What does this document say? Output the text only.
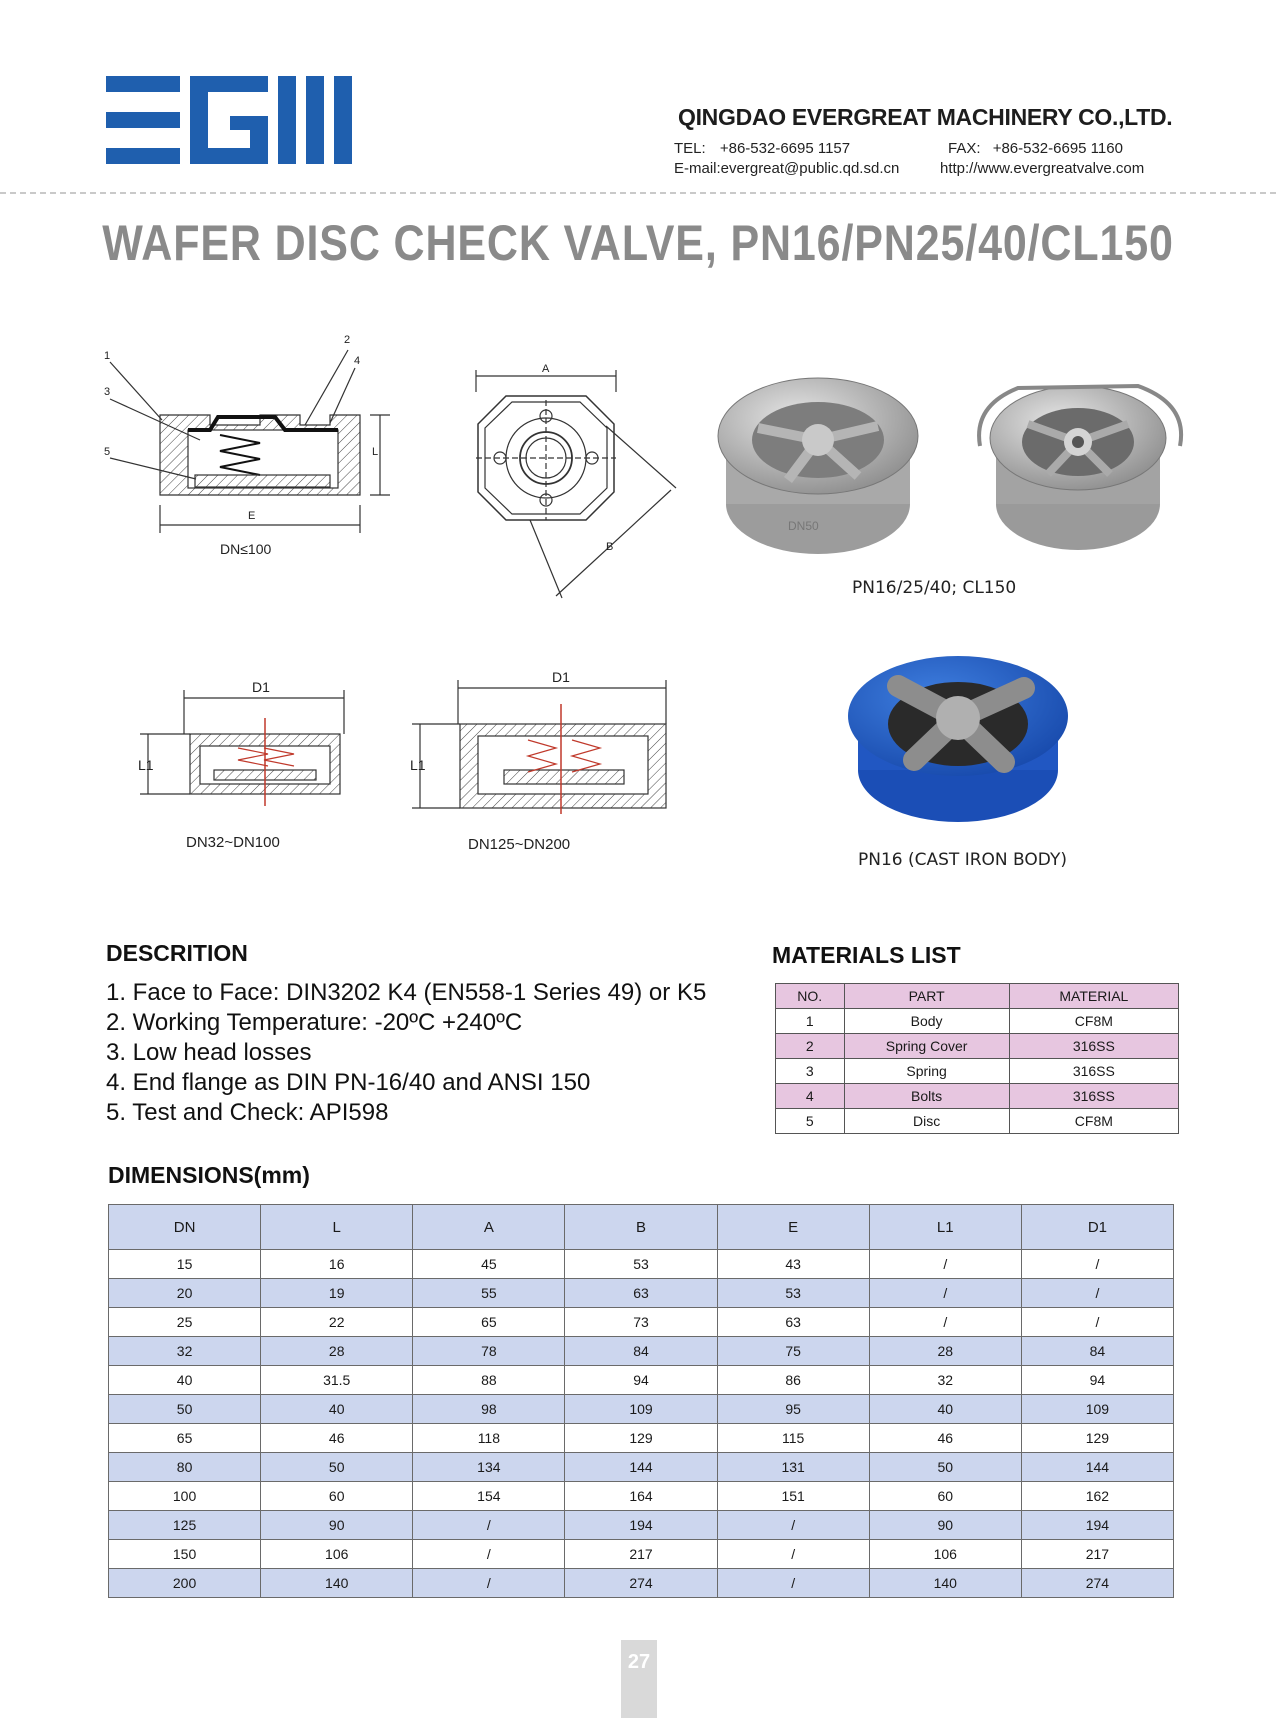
QINGDAO EVERGREAT MACHINERY CO.,LTD.
TEL: +86-532-6695 1157	FAX: +86-532-6695 1160
E-mail:evergreat@public.qd.sd.cn	http://www.evergreatvalve.com
WAFER DISC CHECK VALVE, PN16/PN25/40/CL150
1
2
3
4
5
E
L
DN≤100
A
B
DN50
PN16/25/40; CL150
D1
L1
DN32~DN100
D1
L1
DN125~DN200
PN16 (CAST IRON BODY)
DESCRITION
1. Face to Face: DIN3202 K4 (EN558-1 Series 49) or K5
2. Working Temperature: -20ºC +240ºC
3. Low head losses
4. End flange as DIN PN-16/40 and ANSI 150
5. Test and Check: API598
MATERIALS LIST
NO.	PART	MATERIAL
1	Body	CF8M
2	Spring Cover	316SS
3	Spring	316SS
4	Bolts	316SS
5	Disc	CF8M
DIMENSIONS(mm)
DN	L	A	B	E	L1	D1
15	16	45	53	43	/	/
20	19	55	63	53	/	/
25	22	65	73	63	/	/
32	28	78	84	75	28	84
40	31.5	88	94	86	32	94
50	40	98	109	95	40	109
65	46	118	129	115	46	129
80	50	134	144	131	50	144
100	60	154	164	151	60	162
125	90	/	194	/	90	194
150	106	/	217	/	106	217
200	140	/	274	/	140	274
27
